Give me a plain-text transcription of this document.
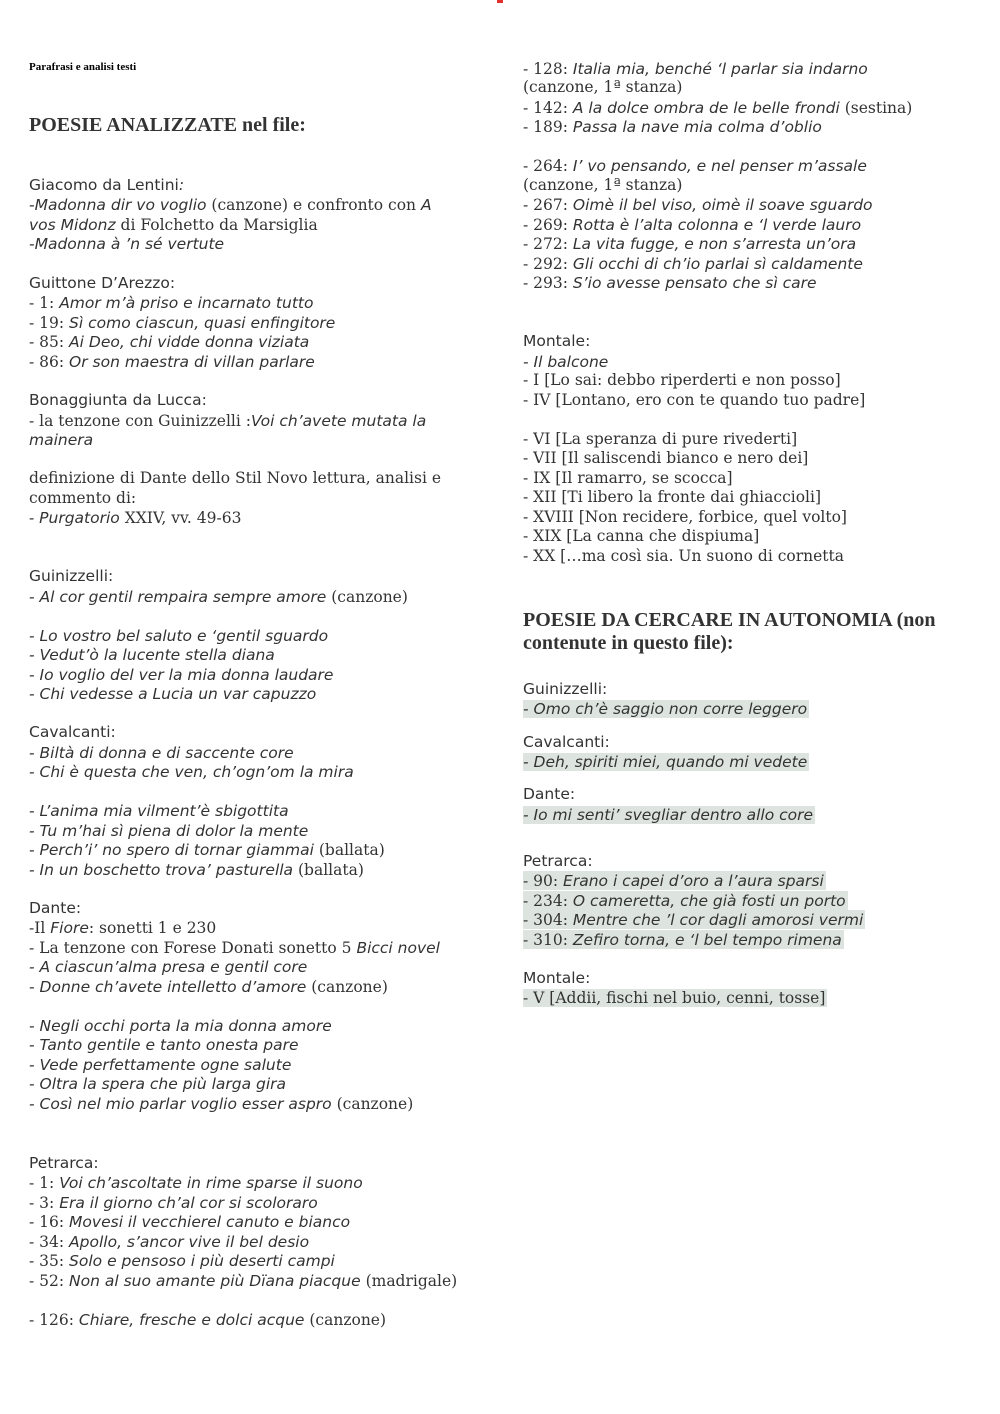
Parafrasi e analisi testi
POESIE ANALIZZATE nel file:
Giacomo da Lentini:
-Madonna dir vo voglio (canzone) e confronto con A
vos Midonz di Folchetto da Marsiglia
-Madonna à ’n sé vertute
Guittone D’Arezzo:
- 1: Amor m’à priso e incarnato tutto
- 19: Sì como ciascun, quasi enfingitore
- 85: Ai Deo, chi vidde donna viziata
- 86: Or son maestra di villan parlare
Bonaggiunta da Lucca:
- la tenzone con Guinizzelli :Voi ch’avete mutata la
mainera
definizione di Dante dello Stil Novo lettura, analisi e
commento di:
- Purgatorio XXIV, vv. 49-63
Guinizzelli:
- Al cor gentil rempaira sempre amore (canzone)
- Lo vostro bel saluto e ‘gentil sguardo
- Vedut’ò la lucente stella diana
- Io voglio del ver la mia donna laudare
- Chi vedesse a Lucia un var capuzzo
Cavalcanti:
- Biltà di donna e di saccente core
- Chi è questa che ven, ch’ogn’om la mira
- L’anima mia vilment’è sbigottita
- Tu m’hai sì piena di dolor la mente
- Perch’i’ no spero di tornar giammai (ballata)
- In un boschetto trova’ pasturella (ballata)
Dante:
-Il Fiore: sonetti 1 e 230
- La tenzone con Forese Donati sonetto 5 Bicci novel
- A ciascun’alma presa e gentil core
- Donne ch’avete intelletto d’amore (canzone)
- Negli occhi porta la mia donna amore
- Tanto gentile e tanto onesta pare
- Vede perfettamente ogne salute
- Oltra la spera che più larga gira
- Così nel mio parlar voglio esser aspro (canzone)
Petrarca:
- 1: Voi ch’ascoltate in rime sparse il suono
- 3: Era il giorno ch’al cor si scoloraro
- 16: Movesi il vecchierel canuto e bianco
- 34: Apollo, s’ancor vive il bel desio
- 35: Solo e pensoso i più deserti campi
- 52: Non al suo amante più Dïana piacque (madrigale)
- 126: Chiare, fresche e dolci acque (canzone)
- 128: Italia mia, benché ‘l parlar sia indarno
(canzone, 1ª stanza)
- 142: A la dolce ombra de le belle frondi (sestina)
- 189: Passa la nave mia colma d’oblio
- 264: I’ vo pensando, e nel penser m’assale
(canzone, 1ª stanza)
- 267: Oimè il bel viso, oimè il soave sguardo
- 269: Rotta è l’alta colonna e ‘l verde lauro
- 272: La vita fugge, e non s’arresta un’ora
- 292: Gli occhi di ch’io parlai sì caldamente
- 293: S’io avesse pensato che sì care
Montale:
- Il balcone
- I [Lo sai: debbo riperderti e non posso]
- IV [Lontano, ero con te quando tuo padre]
- VI [La speranza di pure rivederti]
- VII [Il saliscendi bianco e nero dei]
- IX [Il ramarro, se scocca]
- XII [Ti libero la fronte dai ghiaccioli]
- XVIII [Non recidere, forbice, quel volto]
- XIX [La canna che dispiuma]
- XX […ma così sia. Un suono di cornetta
POESIE DA CERCARE IN AUTONOMIA (non
contenute in questo file):
Guinizzelli:
- Omo ch’è saggio non corre leggero
Cavalcanti:
- Deh, spiriti miei, quando mi vedete
Dante:
- Io mi senti’ svegliar dentro allo core
Petrarca:
- 90: Erano i capei d’oro a l’aura sparsi
- 234: O cameretta, che già fosti un porto
- 304: Mentre che ’l cor dagli amorosi vermi
- 310: Zefiro torna, e ‘l bel tempo rimena
Montale:
- V [Addii, fischi nel buio, cenni, tosse]
